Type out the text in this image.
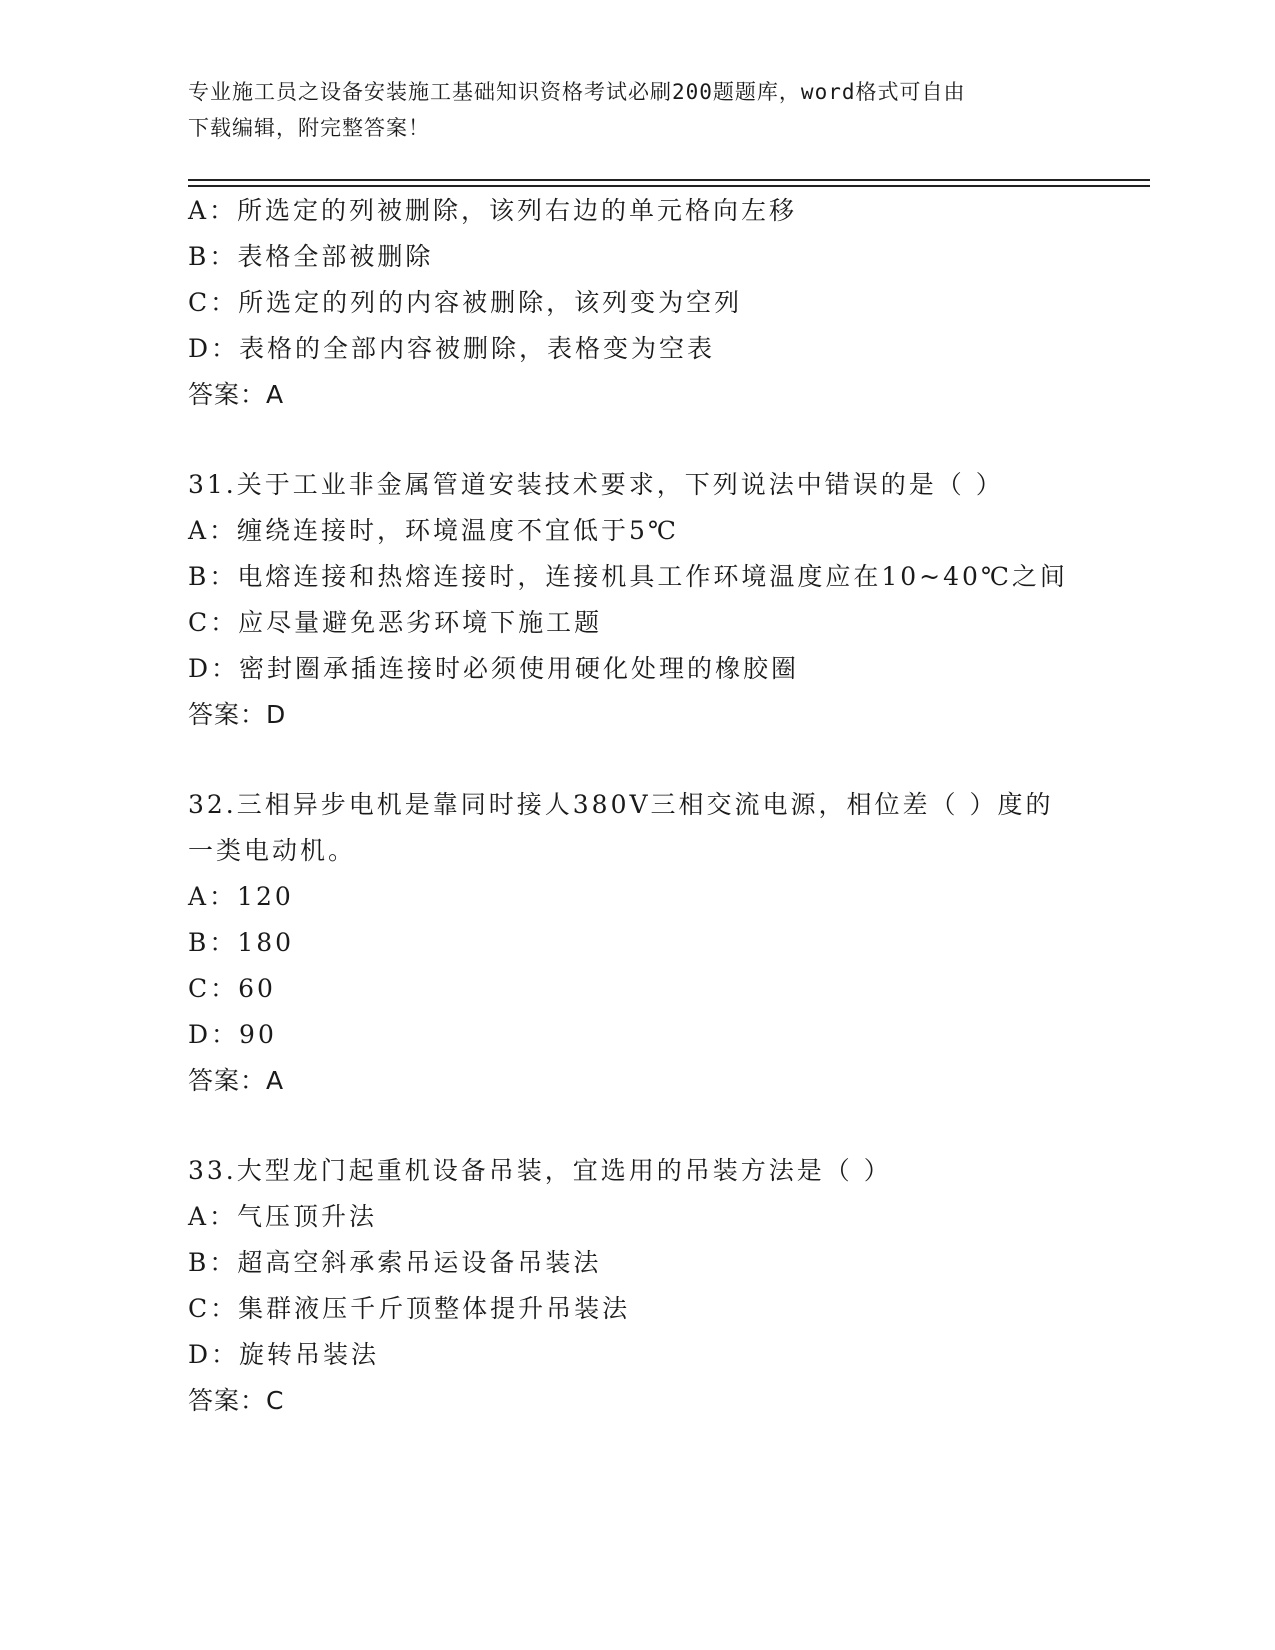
专业施工员之设备安装施工基础知识资格考试必刷200题题库，word格式可自由
下载编辑，附完整答案！
A：所选定的列被删除，该列右边的单元格向左移
B：表格全部被删除
C：所选定的列的内容被删除，该列变为空列
D：表格的全部内容被删除，表格变为空表
答案：A
31.关于工业非金属管道安装技术要求，下列说法中错误的是（ ）
A：缠绕连接时，环境温度不宜低于5℃
B：电熔连接和热熔连接时，连接机具工作环境温度应在10~40℃之间
C：应尽量避免恶劣环境下施工题
D：密封圈承插连接时必须使用硬化处理的橡胶圈
答案：D
32.三相异步电机是靠同时接人380V三相交流电源，相位差（ ）度的
一类电动机。
A：120
B：180
C：60
D：90
答案：A
33.大型龙门起重机设备吊装，宜选用的吊装方法是（ ）
A：气压顶升法
B：超高空斜承索吊运设备吊装法
C：集群液压千斤顶整体提升吊装法
D：旋转吊装法
答案：C
